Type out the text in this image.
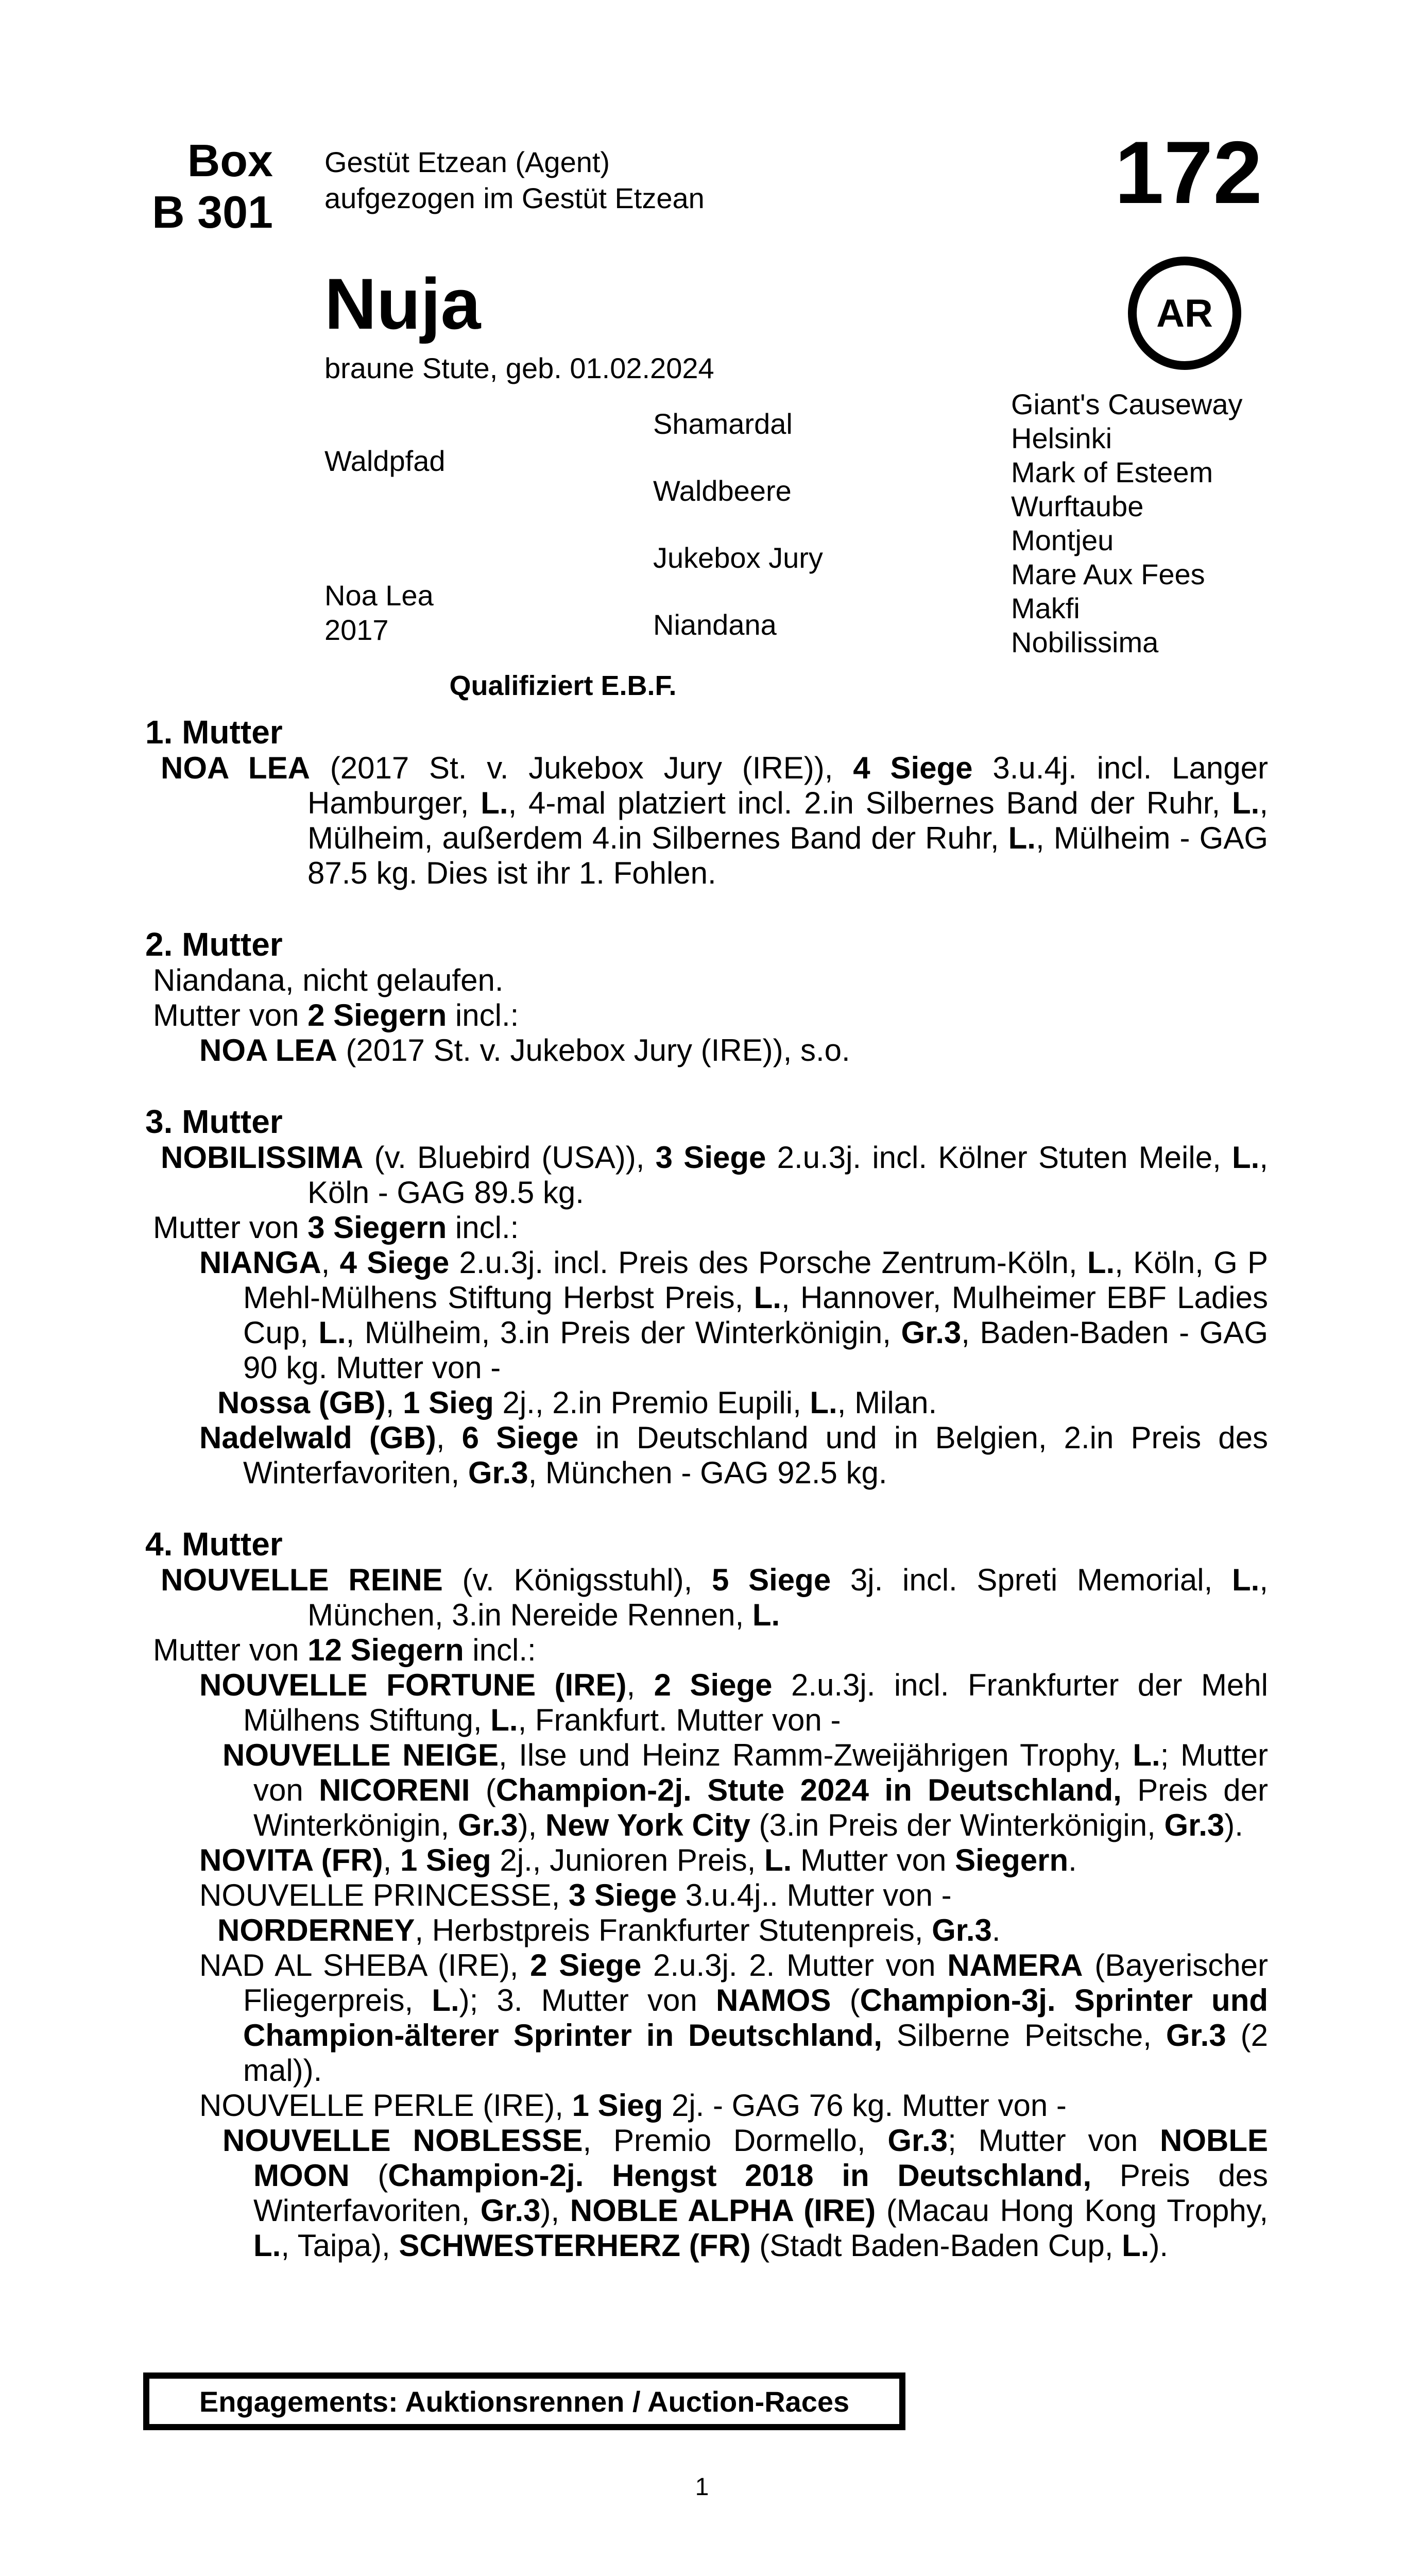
Box
B 301
Gestüt Etzean (Agent)
aufgezogen im Gestüt Etzean	172
AR
Nuja
braune Stute, geb. 01.02.2024
Waldpfad
Noa Lea
2017
Shamardal
Waldbeere
Jukebox Jury
Niandana
Giant's Causeway
Helsinki
Mark of Esteem
Wurftaube
Montjeu
Mare Aux Fees
Makfi
Nobilissima
Qualifiziert E.B.F.

1. Mutter

NOA LEA (2017 St. v. Jukebox Jury (IRE)), 4 Siege 3.u.4j. incl. Langer Hamburger, L., 4-mal platziert incl. 2.in Silbernes Band der Ruhr, L., Mülheim, außerdem 4.in Silbernes Band der Ruhr, L., Mülheim - GAG 87.5 kg. Dies ist ihr 1. Fohlen.

2. Mutter

Niandana, nicht gelaufen.

Mutter von 2 Siegern incl.:

NOA LEA (2017 St. v. Jukebox Jury (IRE)), s.o.

3. Mutter

NOBILISSIMA (v. Bluebird (USA)), 3 Siege 2.u.3j. incl. Kölner Stuten Meile, L., Köln - GAG 89.5 kg.

Mutter von 3 Siegern incl.:

NIANGA, 4 Siege 2.u.3j. incl. Preis des Porsche Zentrum-Köln, L., Köln, G P Mehl-Mülhens Stiftung Herbst Preis, L., Hannover, Mulheimer EBF Ladies Cup, L., Mülheim, 3.in Preis der Winterkönigin, Gr.3, Baden-Baden - GAG 90 kg. Mutter von -

Nossa (GB), 1 Sieg 2j., 2.in Premio Eupili, L., Milan.

Nadelwald (GB), 6 Siege in Deutschland und in Belgien, 2.in Preis des Winterfavoriten, Gr.3, München - GAG 92.5 kg.

4. Mutter

NOUVELLE REINE (v. Königsstuhl), 5 Siege 3j. incl. Spreti Memorial, L., München, 3.in Nereide Rennen, L.

Mutter von 12 Siegern incl.:

NOUVELLE FORTUNE (IRE), 2 Siege 2.u.3j. incl. Frankfurter der Mehl Mülhens Stiftung, L., Frankfurt. Mutter von -

NOUVELLE NEIGE, Ilse und Heinz Ramm-Zweijährigen Trophy, L.; Mutter von NICORENI (Champion-2j. Stute 2024 in Deutschland, Preis der Winterkönigin, Gr.3), New York City (3.in Preis der Winterkönigin, Gr.3).

NOVITA (FR), 1 Sieg 2j., Junioren Preis, L. Mutter von Siegern.

NOUVELLE PRINCESSE, 3 Siege 3.u.4j.. Mutter von -

NORDERNEY, Herbstpreis Frankfurter Stutenpreis, Gr.3.

NAD AL SHEBA (IRE), 2 Siege 2.u.3j. 2. Mutter von NAMERA (Bayerischer Fliegerpreis, L.); 3. Mutter von NAMOS (Champion-3j. Sprinter und Champion-älterer Sprinter in Deutschland, Silberne Peitsche, Gr.3 (2 mal)).

NOUVELLE PERLE (IRE), 1 Sieg 2j. - GAG 76 kg. Mutter von -

NOUVELLE NOBLESSE, Premio Dormello, Gr.3; Mutter von NOBLE MOON (Champion-2j. Hengst 2018 in Deutschland, Preis des Winterfavoriten, Gr.3), NOBLE ALPHA (IRE) (Macau Hong Kong Trophy, L., Taipa), SCHWESTERHERZ (FR) (Stadt Baden-Baden Cup, L.).

Engagements: Auktionsrennen / Auction-Races
1
